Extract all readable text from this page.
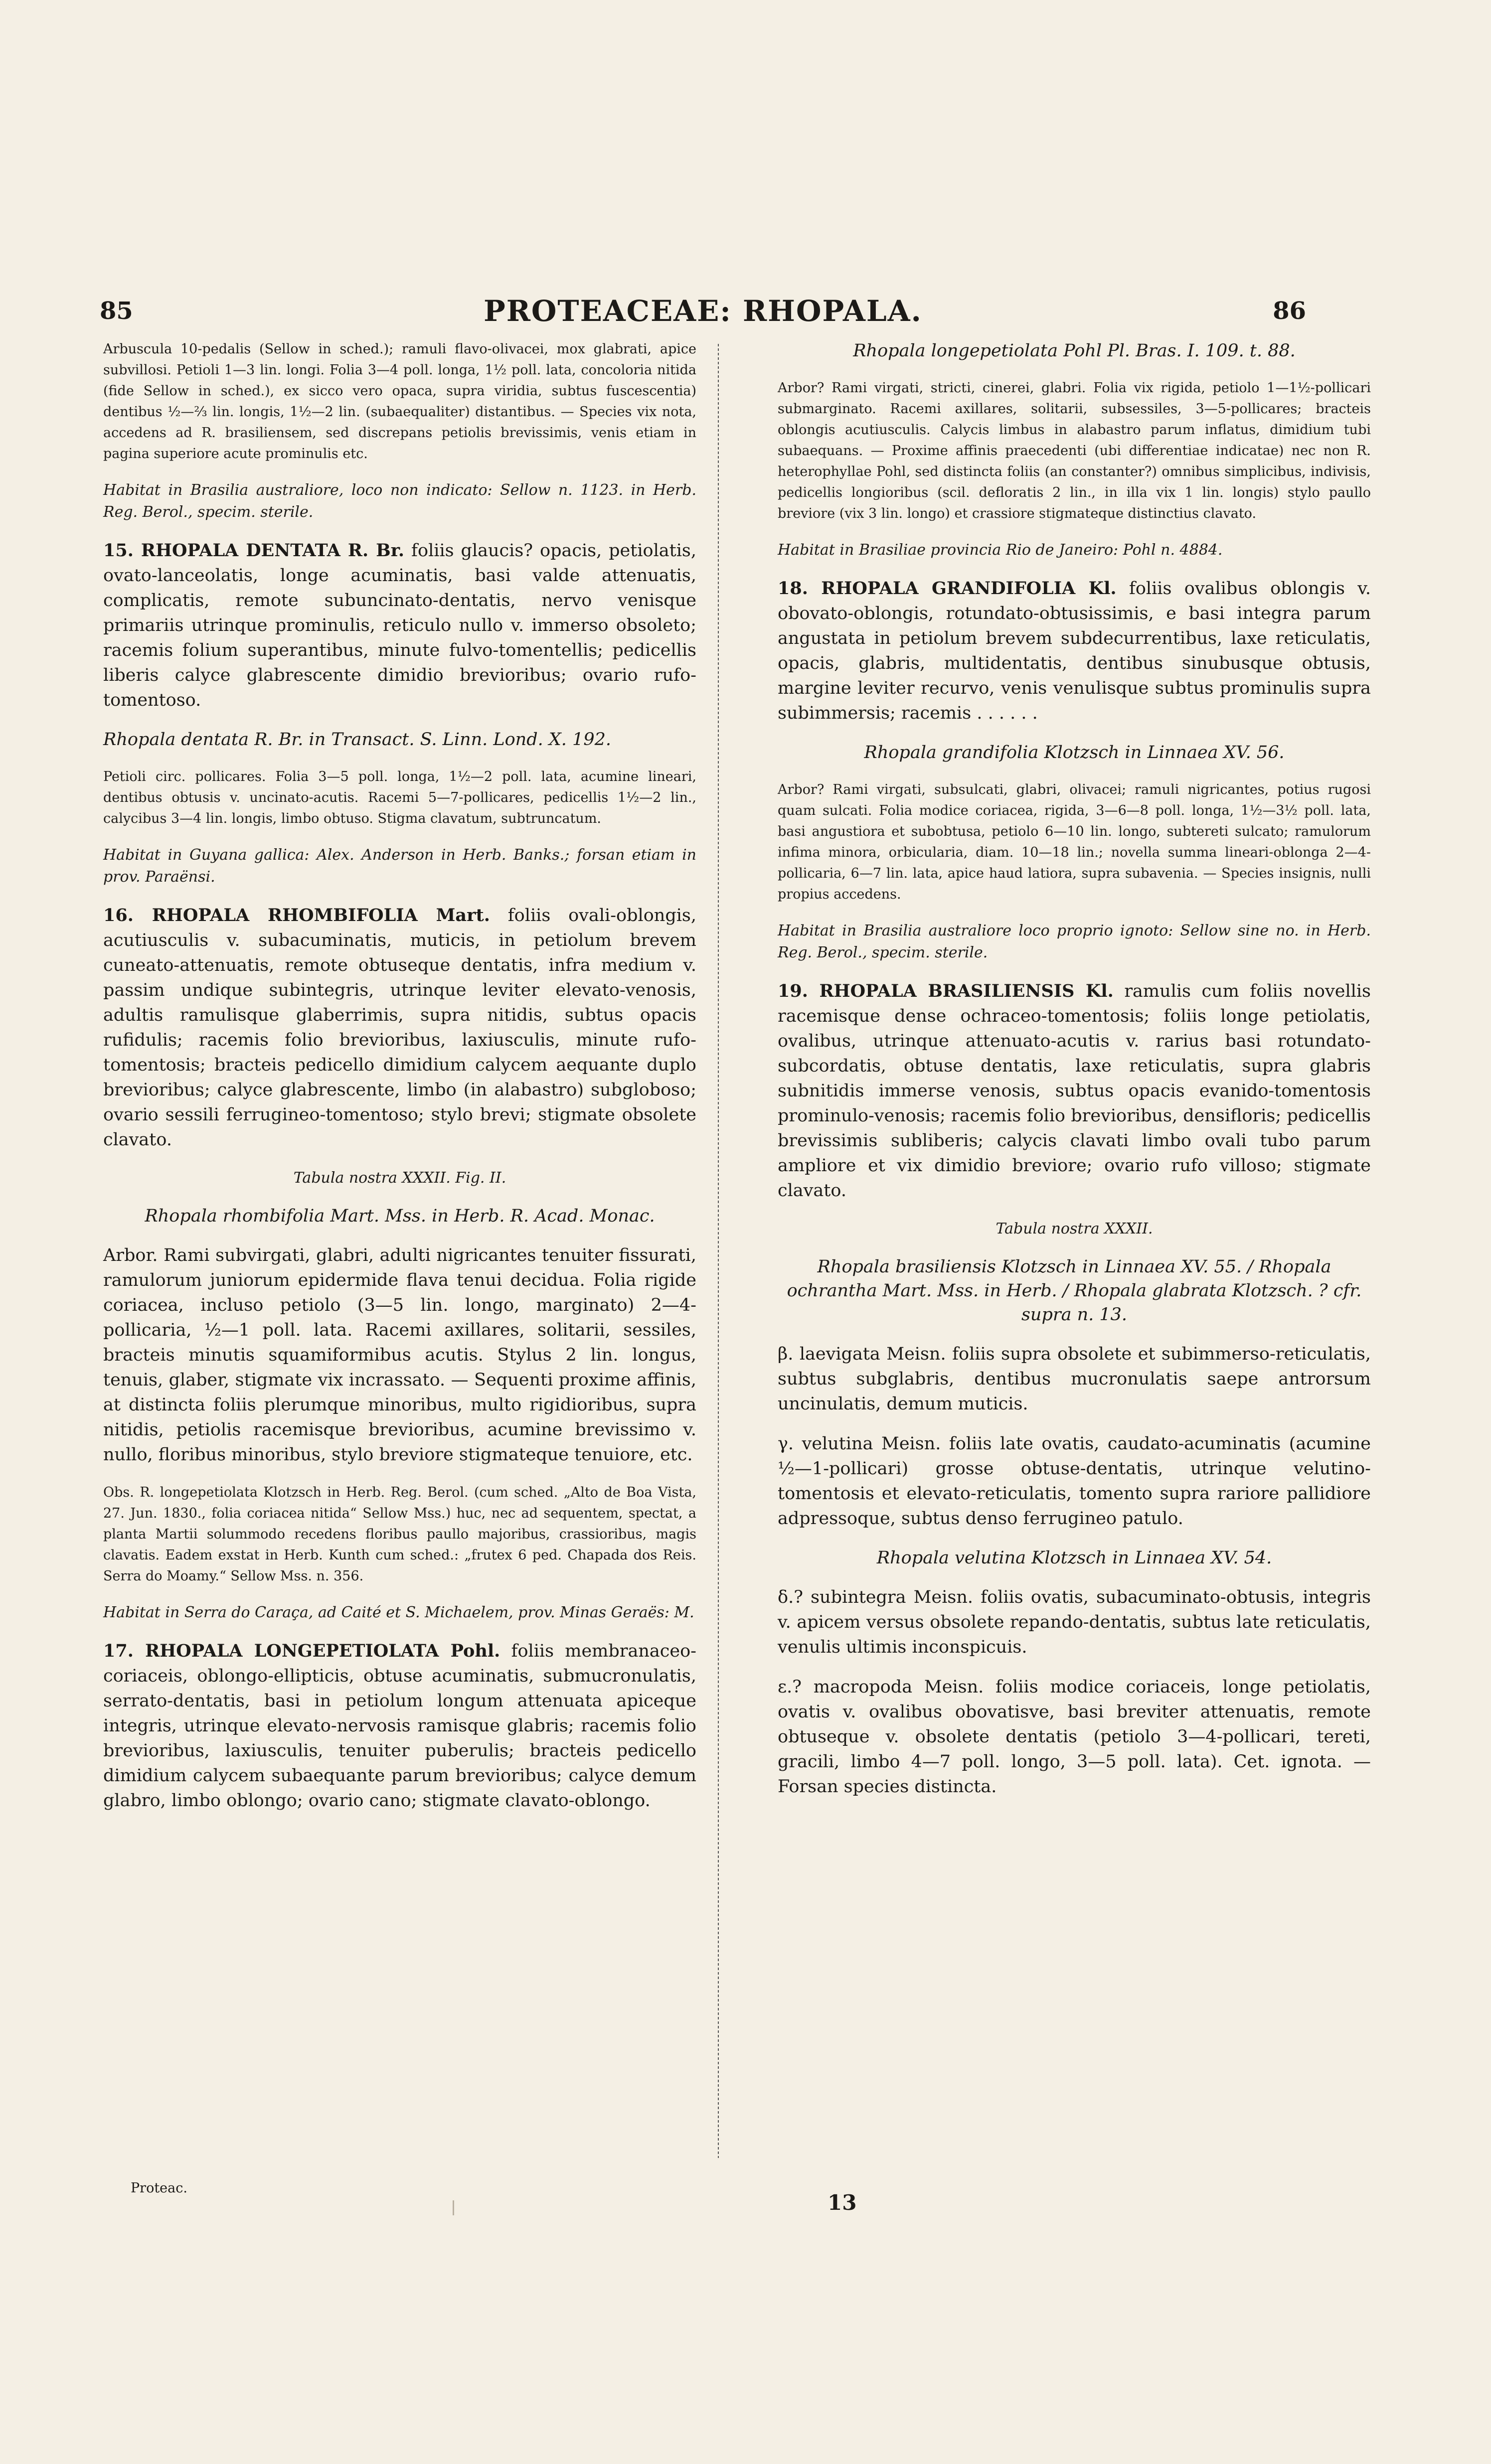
85	PROTEACEAE: RHOPALA.	86

Arbuscula 10-pedalis (Sellow in sched.); ramuli flavo-olivacei, mox glabrati, apice subvillosi. Petioli 1—3 lin. longi. Folia 3—4 poll. longa, 1½ poll. lata, concoloria nitida (fide Sellow in sched.), ex sicco vero opaca, supra viridia, subtus fuscescentia) dentibus ½—⅔ lin. longis, 1½—2 lin. (subaequaliter) distantibus. — Species vix nota, accedens ad R. brasiliensem, sed discrepans petiolis brevissimis, venis etiam in pagina superiore acute prominulis etc.

Habitat in Brasilia australiore, loco non indicato: Sellow n. 1123. in Herb. Reg. Berol., specim. sterile.

15. RHOPALA DENTATA R. Br. foliis glaucis? opacis, petiolatis, ovato-lanceolatis, longe acuminatis, basi valde attenuatis, complicatis, remote subuncinato-dentatis, nervo venisque primariis utrinque prominulis, reticulo nullo v. immerso obsoleto; racemis folium superantibus, minute fulvo-tomentellis; pedicellis liberis calyce glabrescente dimidio brevioribus; ovario rufo-tomentoso.

Rhopala dentata R. Br. in Transact. S. Linn. Lond. X. 192.

Petioli circ. pollicares. Folia 3—5 poll. longa, 1½—2 poll. lata, acumine lineari, dentibus obtusis v. uncinato-acutis. Racemi 5—7-pollicares, pedicellis 1½—2 lin., calycibus 3—4 lin. longis, limbo obtuso. Stigma clavatum, subtruncatum.

Habitat in Guyana gallica: Alex. Anderson in Herb. Banks.; forsan etiam in prov. Paraënsi.

16. RHOPALA RHOMBIFOLIA Mart. foliis ovali-oblongis, acutiusculis v. subacuminatis, muticis, in petiolum brevem cuneato-attenuatis, remote obtuseque dentatis, infra medium v. passim undique subintegris, utrinque leviter elevato-venosis, adultis ramulisque glaberrimis, supra nitidis, subtus opacis rufidulis; racemis folio brevioribus, laxiusculis, minute rufo-tomentosis; bracteis pedicello dimidium calycem aequante duplo brevioribus; calyce glabrescente, limbo (in alabastro) subgloboso; ovario sessili ferrugineo-tomentoso; stylo brevi; stigmate obsolete clavato.

Tabula nostra XXXII. Fig. II.

Rhopala rhombifolia Mart. Mss. in Herb. R. Acad. Monac.

Arbor. Rami subvirgati, glabri, adulti nigricantes tenuiter fissurati, ramulorum juniorum epidermide flava tenui decidua. Folia rigide coriacea, incluso petiolo (3—5 lin. longo, marginato) 2—4-pollicaria, ½—1 poll. lata. Racemi axillares, solitarii, sessiles, bracteis minutis squamiformibus acutis. Stylus 2 lin. longus, tenuis, glaber, stigmate vix incrassato. — Sequenti proxime affinis, at distincta foliis plerumque minoribus, multo rigidioribus, supra nitidis, petiolis racemisque brevioribus, acumine brevissimo v. nullo, floribus minoribus, stylo breviore stigmateque tenuiore, etc.

Obs. R. longepetiolata Klotzsch in Herb. Reg. Berol. (cum sched. „Alto de Boa Vista, 27. Jun. 1830., folia coriacea nitida“ Sellow Mss.) huc, nec ad sequentem, spectat, a planta Martii solummodo recedens floribus paullo majoribus, crassioribus, magis clavatis. Eadem exstat in Herb. Kunth cum sched.: „frutex 6 ped. Chapada dos Reis. Serra do Moamy.“ Sellow Mss. n. 356.

Habitat in Serra do Caraça, ad Caité et S. Michaelem, prov. Minas Geraës: M.

17. RHOPALA LONGEPETIOLATA Pohl. foliis membranaceo-coriaceis, oblongo-ellipticis, obtuse acuminatis, submucronulatis, serrato-dentatis, basi in petiolum longum attenuata apiceque integris, utrinque elevato-nervosis ramisque glabris; racemis folio brevioribus, laxiusculis, tenuiter puberulis; bracteis pedicello dimidium calycem subaequante parum brevioribus; calyce demum glabro, limbo oblongo; ovario cano; stigmate clavato-oblongo.

Rhopala longepetiolata Pohl Pl. Bras. I. 109. t. 88.

Arbor? Rami virgati, stricti, cinerei, glabri. Folia vix rigida, petiolo 1—1½-pollicari submarginato. Racemi axillares, solitarii, subsessiles, 3—5-pollicares; bracteis oblongis acutiusculis. Calycis limbus in alabastro parum inflatus, dimidium tubi subaequans. — Proxime affinis praecedenti (ubi differentiae indicatae) nec non R. heterophyllae Pohl, sed distincta foliis (an constanter?) omnibus simplicibus, indivisis, pedicellis longioribus (scil. defloratis 2 lin., in illa vix 1 lin. longis) stylo paullo breviore (vix 3 lin. longo) et crassiore stigmateque distinctius clavato.

Habitat in Brasiliae provincia Rio de Janeiro: Pohl n. 4884.

18. RHOPALA GRANDIFOLIA Kl. foliis ovalibus oblongis v. obovato-oblongis, rotundato-obtusissimis, e basi integra parum angustata in petiolum brevem subdecurrentibus, laxe reticulatis, opacis, glabris, multidentatis, dentibus sinubusque obtusis, margine leviter recurvo, venis venulisque subtus prominulis supra subimmersis; racemis . . . . . .

Rhopala grandifolia Klotzsch in Linnaea XV. 56.

Arbor? Rami virgati, subsulcati, glabri, olivacei; ramuli nigricantes, potius rugosi quam sulcati. Folia modice coriacea, rigida, 3—6—8 poll. longa, 1½—3½ poll. lata, basi angustiora et subobtusa, petiolo 6—10 lin. longo, subtereti sulcato; ramulorum infima minora, orbicularia, diam. 10—18 lin.; novella summa lineari-oblonga 2—4-pollicaria, 6—7 lin. lata, apice haud latiora, supra subavenia. — Species insignis, nulli propius accedens.

Habitat in Brasilia australiore loco proprio ignoto: Sellow sine no. in Herb. Reg. Berol., specim. sterile.

19. RHOPALA BRASILIENSIS Kl. ramulis cum foliis novellis racemisque dense ochraceo-tomentosis; foliis longe petiolatis, ovalibus, utrinque attenuato-acutis v. rarius basi rotundato-subcordatis, obtuse dentatis, laxe reticulatis, supra glabris subnitidis immerse venosis, subtus opacis evanido-tomentosis prominulo-venosis; racemis folio brevioribus, densifloris; pedicellis brevissimis subliberis; calycis clavati limbo ovali tubo parum ampliore et vix dimidio breviore; ovario rufo villoso; stigmate clavato.

Tabula nostra XXXII.

Rhopala brasiliensis Klotzsch in Linnaea XV. 55. / Rhopala ochrantha Mart. Mss. in Herb. / Rhopala glabrata Klotzsch. ? cfr. supra n. 13.

β. laevigata Meisn. foliis supra obsolete et subimmerso-reticulatis, subtus subglabris, dentibus mucronulatis saepe antrorsum uncinulatis, demum muticis.

γ. velutina Meisn. foliis late ovatis, caudato-acuminatis (acumine ½—1-pollicari) grosse obtuse-dentatis, utrinque velutino-tomentosis et elevato-reticulatis, tomento supra rariore pallidiore adpressoque, subtus denso ferrugineo patulo.

Rhopala velutina Klotzsch in Linnaea XV. 54.

δ.? subintegra Meisn. foliis ovatis, subacuminato-obtusis, integris v. apicem versus obsolete repando-dentatis, subtus late reticulatis, venulis ultimis inconspicuis.

ε.? macropoda Meisn. foliis modice coriaceis, longe petiolatis, ovatis v. ovalibus obovatisve, basi breviter attenuatis, remote obtuseque v. obsolete dentatis (petiolo 3—4-pollicari, tereti, gracili, limbo 4—7 poll. longo, 3—5 poll. lata). Cet. ignota. — Forsan species distincta.

Proteac.
13
